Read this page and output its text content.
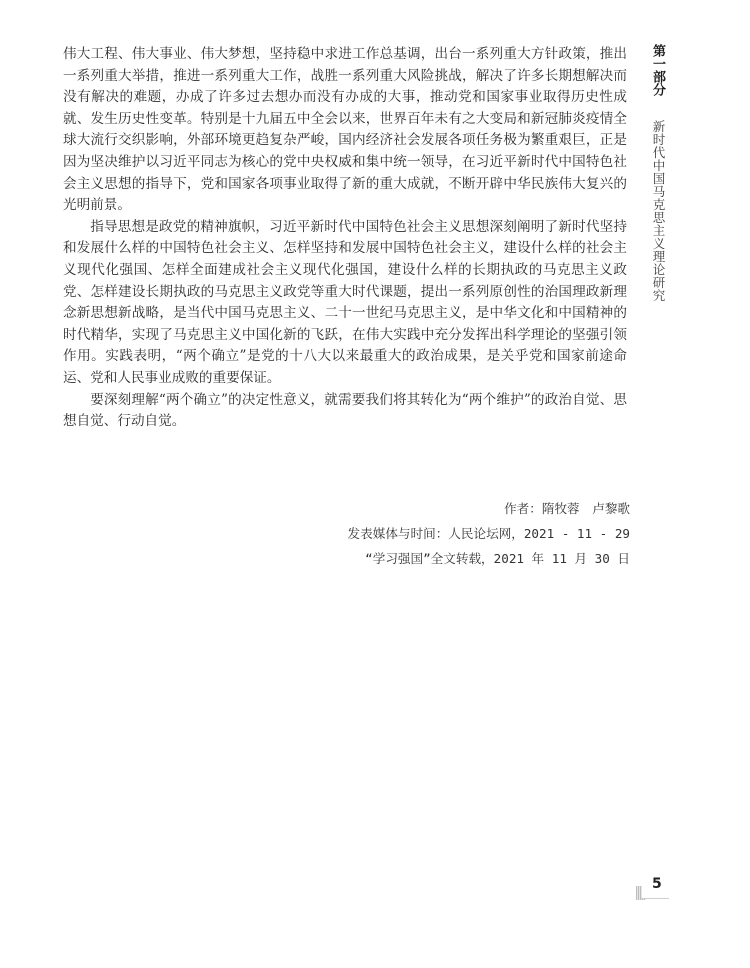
伟大工程、伟大事业、伟大梦想，坚持稳中求进工作总基调，出台一系列重大方针政策，推出一系列重大举措，推进一系列重大工作，战胜一系列重大风险挑战，解决了许多长期想解决而没有解决的难题，办成了许多过去想办而没有办成的大事，推动党和国家事业取得历史性成就、发生历史性变革。特别是十九届五中全会以来，世界百年未有之大变局和新冠肺炎疫情全球大流行交织影响，外部环境更趋复杂严峻，国内经济社会发展各项任务极为繁重艰巨，正是因为坚决维护以习近平同志为核心的党中央权威和集中统一领导，在习近平新时代中国特色社会主义思想的指导下，党和国家各项事业取得了新的重大成就，不断开辟中华民族伟大复兴的光明前景。

指导思想是政党的精神旗帜，习近平新时代中国特色社会主义思想深刻阐明了新时代坚持和发展什么样的中国特色社会主义、怎样坚持和发展中国特色社会主义，建设什么样的社会主义现代化强国、怎样全面建成社会主义现代化强国，建设什么样的长期执政的马克思主义政党、怎样建设长期执政的马克思主义政党等重大时代课题，提出一系列原创性的治国理政新理念新思想新战略，是当代中国马克思主义、二十一世纪马克思主义，是中华文化和中国精神的时代精华，实现了马克思主义中国化新的飞跃，在伟大实践中充分发挥出科学理论的坚强引领作用。实践表明，“两个确立”是党的十八大以来最重大的政治成果，是关乎党和国家前途命运、党和人民事业成败的重要保证。

要深刻理解“两个确立”的决定性意义，就需要我们将其转化为“两个维护”的政治自觉、思想自觉、行动自觉。

作者：隋牧蓉　卢黎歌
发表媒体与时间：人民论坛网，2021 - 11 - 29
“学习强国”全文转载，2021 年 11 月 30 日
第一部分
新时代中国马克思主义理论研究
5
